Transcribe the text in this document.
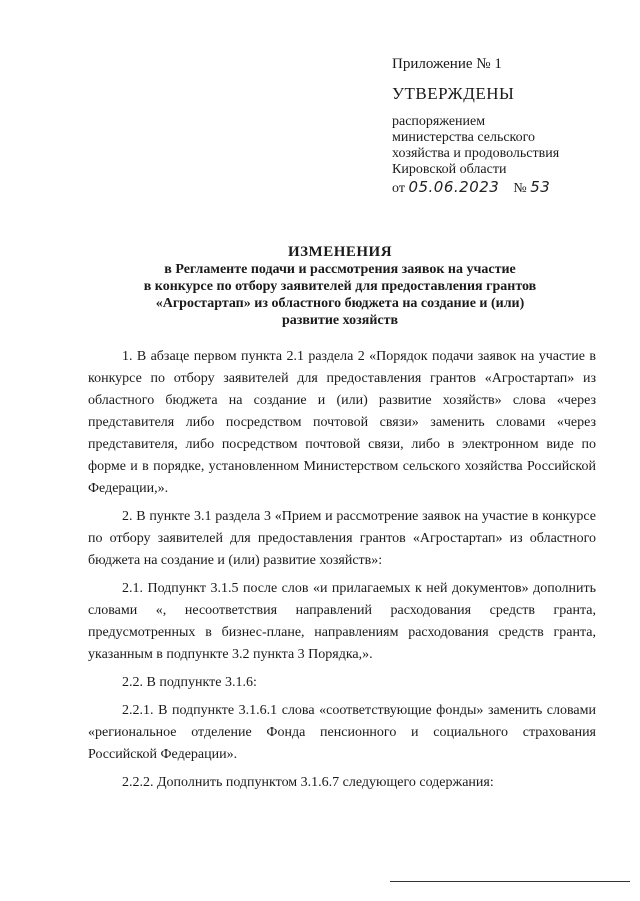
Приложение № 1
УТВЕРЖДЕНЫ
распоряжением
министерства сельского
хозяйства и продовольствия
Кировской области
от 05.06.2023 № 53
ИЗМЕНЕНИЯ
в Регламенте подачи и рассмотрения заявок на участие
в конкурсе по отбору заявителей для предоставления грантов
«Агростартап» из областного бюджета на создание и (или)
развитие хозяйств

1. В абзаце первом пункта 2.1 раздела 2 «Порядок подачи заявок на участие в конкурсе по отбору заявителей для предоставления грантов «Агростартап» из областного бюджета на создание и (или) развитие хозяйств» слова «через представителя либо посредством почтовой связи» заменить словами «через представителя, либо посредством почтовой связи, либо в электронном виде по форме и в порядке, установленном Министерством сельского хозяйства Российской Федерации,».

2. В пункте 3.1 раздела 3 «Прием и рассмотрение заявок на участие в конкурсе по отбору заявителей для предоставления грантов «Агростартап» из областного бюджета на создание и (или) развитие хозяйств»:

2.1. Подпункт 3.1.5 после слов «и прилагаемых к ней документов» дополнить словами «, несоответствия направлений расходования средств гранта, предусмотренных в бизнес-плане, направлениям расходования средств гранта, указанным в подпункте 3.2 пункта 3 Порядка,».

2.2. В подпункте 3.1.6:

2.2.1. В подпункте 3.1.6.1 слова «соответствующие фонды» заменить словами «региональное отделение Фонда пенсионного и социального страхования Российской Федерации».

2.2.2. Дополнить подпунктом 3.1.6.7 следующего содержания:
